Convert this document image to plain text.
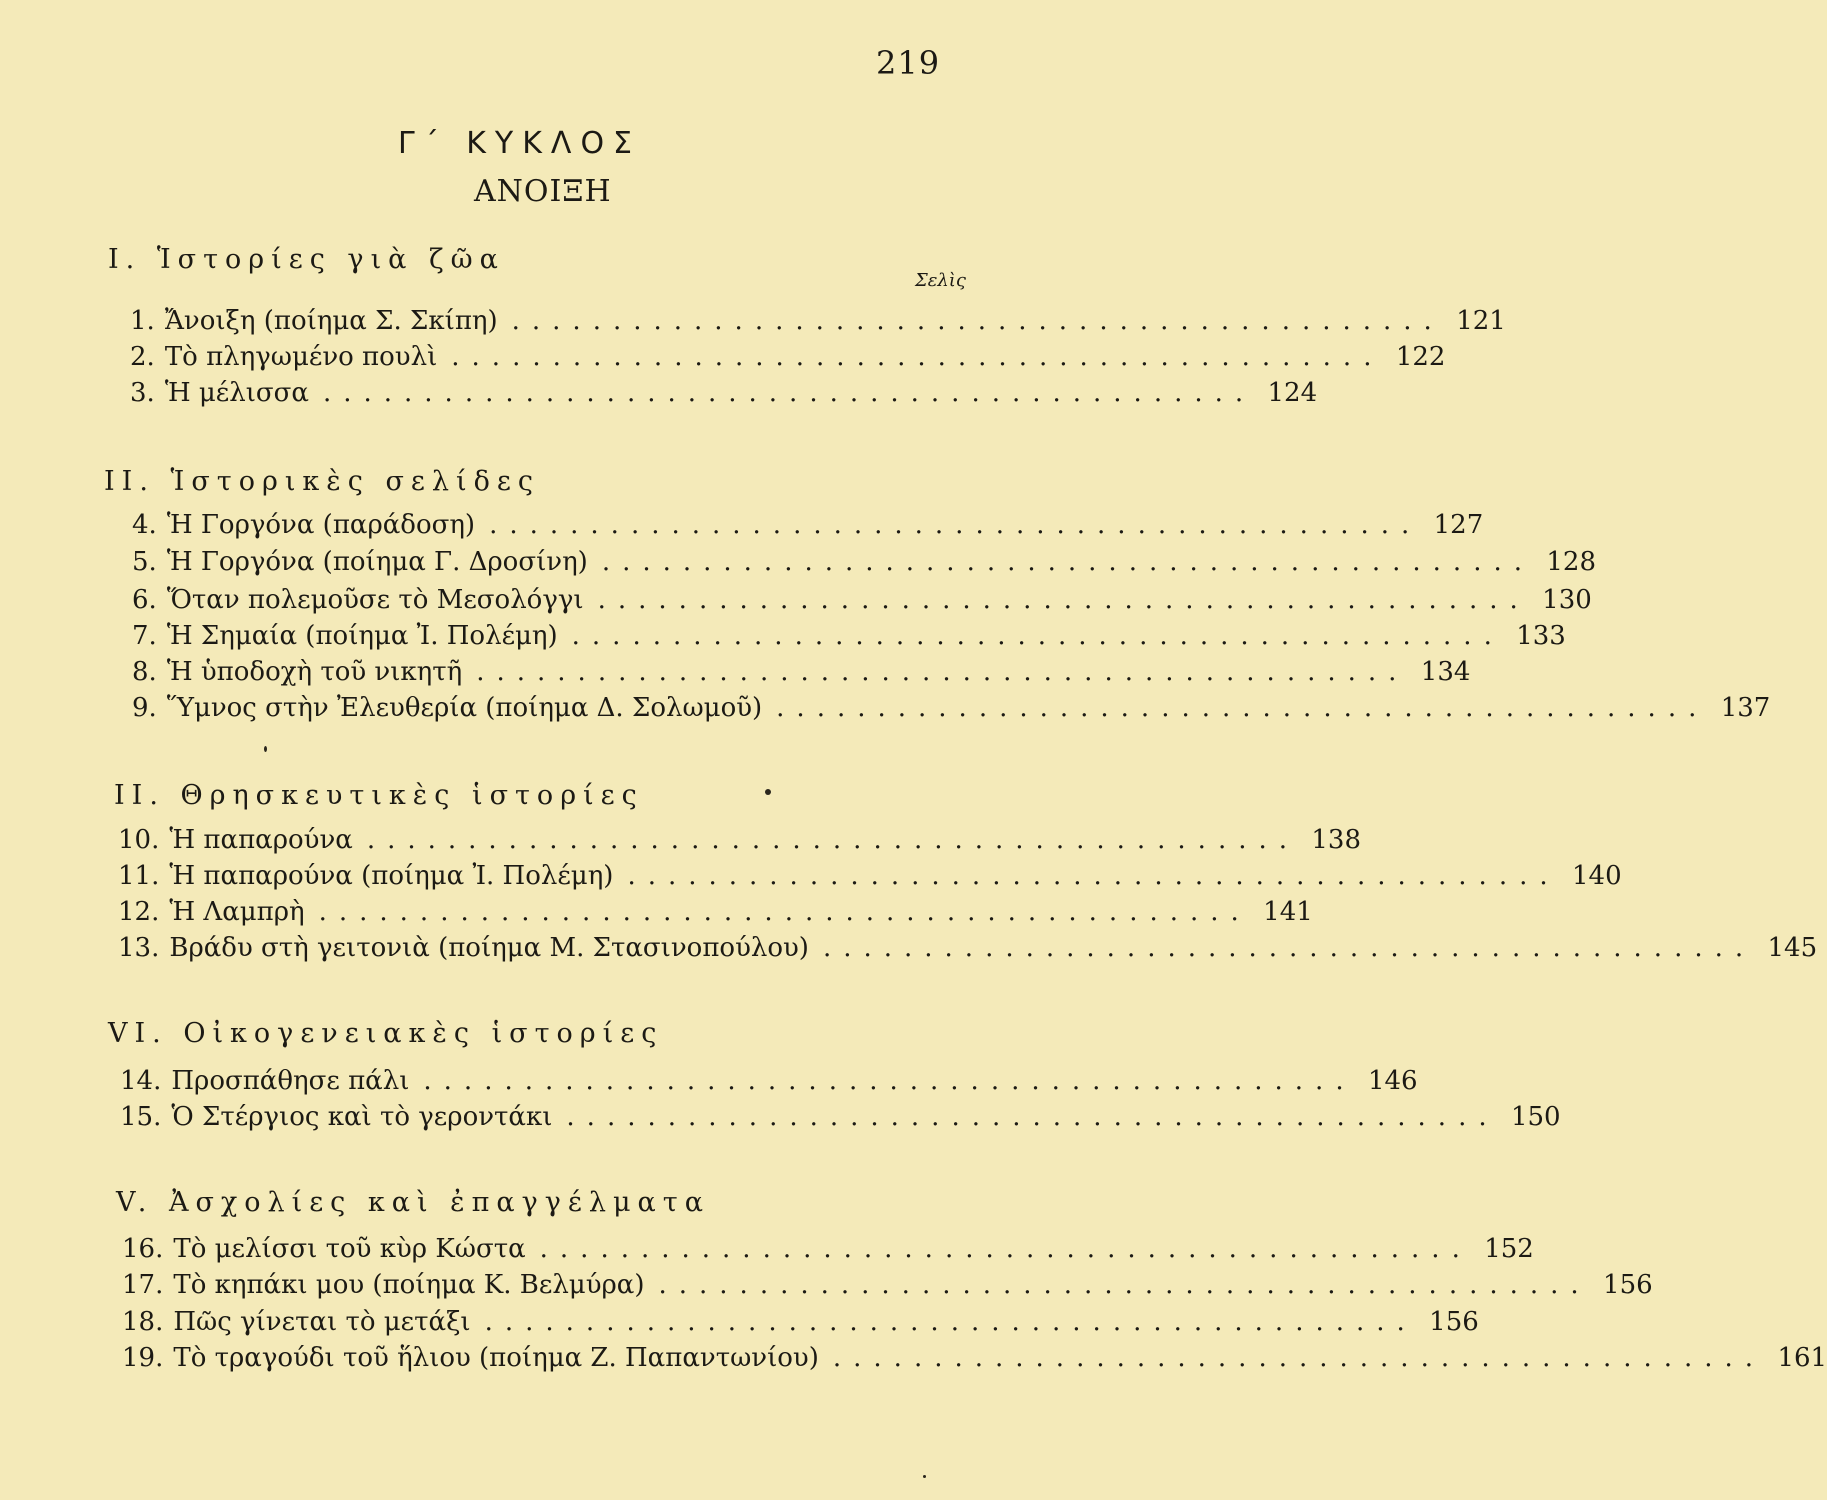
219
Γ΄ ΚΥΚΛΟΣ
ΑΝΟΙΞΗ
Ι. Ἱστορίες γιὰ ζῶα
Σελὶς
1. Ἄνοιξη (ποίημα Σ. Σκίπη) .............................................. 121
2. Τὸ πληγωμένο πουλὶ .............................................. 122
3. Ἡ μέλισσα .............................................. 124
ΙΙ. Ἱστορικὲς σελίδες
4. Ἡ Γοργόνα (παράδοση) .............................................. 127
5. Ἡ Γοργόνα (ποίημα Γ. Δροσίνη) .............................................. 128
6. Ὅταν πολεμοῦσε τὸ Μεσολόγγι .............................................. 130
7. Ἡ Σημαία (ποίημα Ἰ. Πολέμη) .............................................. 133
8. Ἡ ὑποδοχὴ τοῦ νικητῆ .............................................. 134
9. Ὕμνος στὴν Ἐλευθερία (ποίημα Δ. Σολωμοῦ) .............................................. 137
ΙΙ. Θρησκευτικὲς ἱστορίες
10. Ἡ παπαρούνα .............................................. 138
11. Ἡ παπαρούνα (ποίημα Ἰ. Πολέμη) .............................................. 140
12. Ἡ Λαμπρὴ .............................................. 141
13. Βράδυ στὴ γειτονιὰ (ποίημα Μ. Στασινοπούλου) .............................................. 145
VI. Οἰκογενειακὲς ἱστορίες
14. Προσπάθησε πάλι .............................................. 146
15. Ὁ Στέργιος καὶ τὸ γεροντάκι .............................................. 150
V. Ἀσχολίες καὶ ἐπαγγέλματα
16. Τὸ μελίσσι τοῦ κὺρ Κώστα .............................................. 152
17. Τὸ κηπάκι μου (ποίημα Κ. Βελμύρα) .............................................. 156
18. Πῶς γίνεται τὸ μετάξι .............................................. 156
19. Τὸ τραγούδι τοῦ ἥλιου (ποίημα Ζ. Παπαντωνίου) .............................................. 161
